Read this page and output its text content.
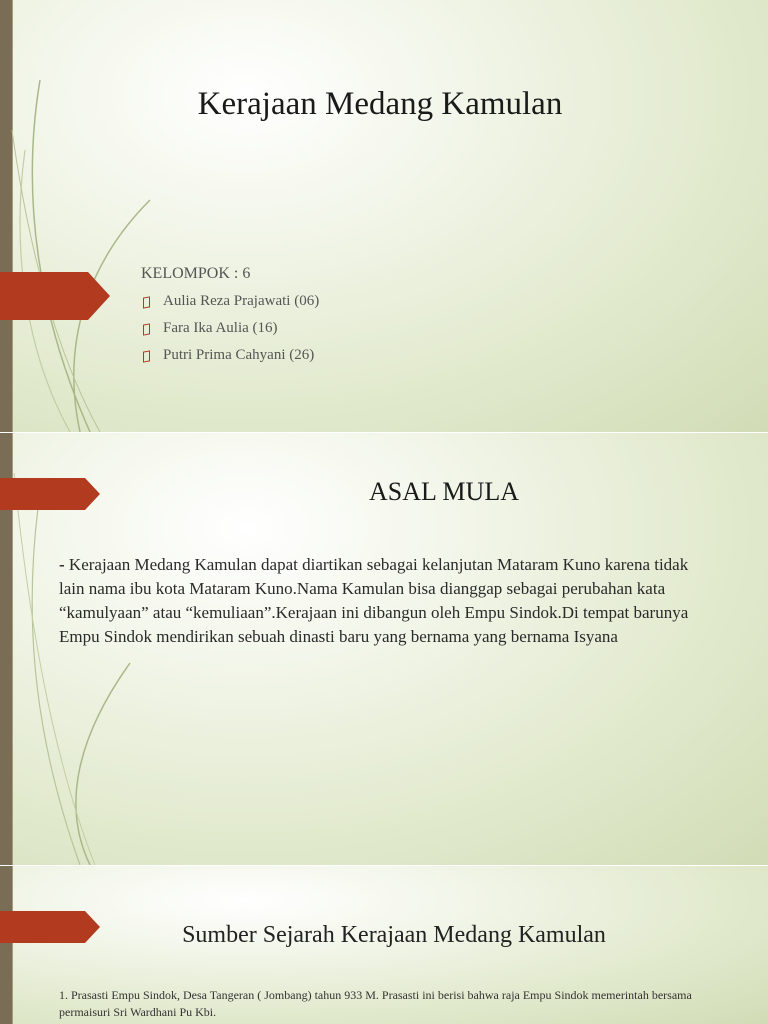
Kerajaan Medang Kamulan
KELOMPOK : 6
Aulia Reza Prajawati (06)
Fara Ika Aulia (16)
Putri Prima Cahyani (26)
ASAL MULA

- Kerajaan Medang Kamulan dapat diartikan sebagai kelanjutan Mataram Kuno karena tidak lain nama ibu kota Mataram Kuno.Nama Kamulan bisa dianggap sebagai perubahan kata “kamulyaan” atau “kemuliaan”.Kerajaan ini dibangun oleh Empu Sindok.Di tempat barunya Empu Sindok mendirikan sebuah dinasti baru yang bernama yang bernama Isyana

Sumber Sejarah Kerajaan Medang Kamulan

1. Prasasti Empu Sindok, Desa Tangeran ( Jombang) tahun 933 M. Prasasti ini berisi bahwa raja Empu Sindok memerintah bersama permaisuri Sri Wardhani Pu Kbi.
